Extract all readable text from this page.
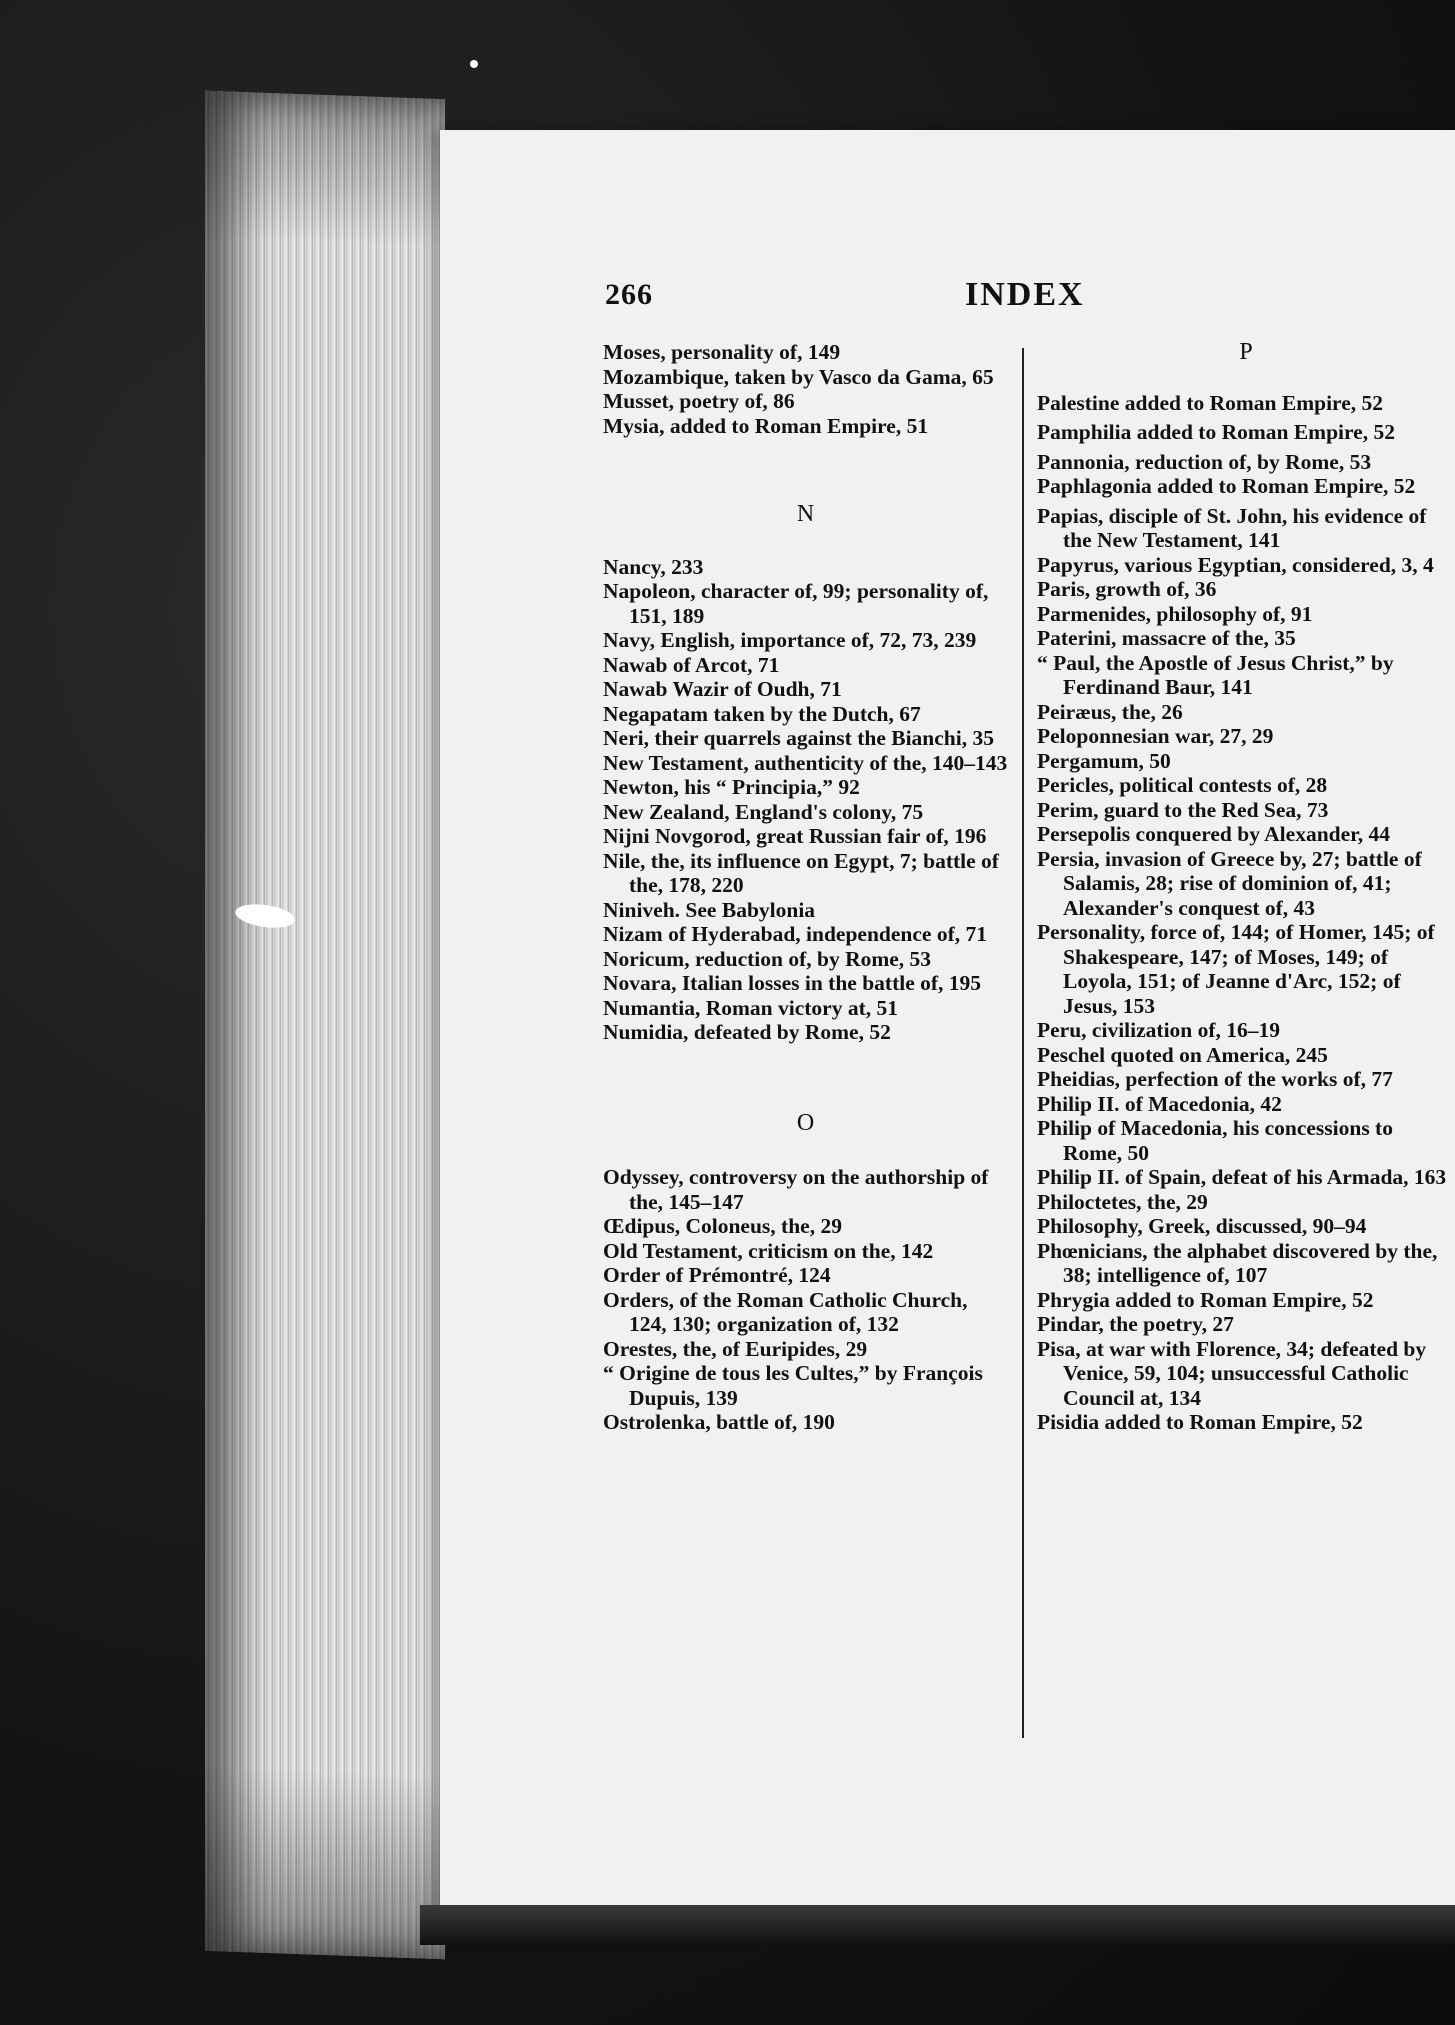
266	INDEX

Moses, personality of, 149

Mozambique, taken by Vasco da Gama, 65

Musset, poetry of, 86

Mysia, added to Roman Empire, 51

N

Nancy, 233

Napoleon, character of, 99; personality of, 151, 189

Navy, English, importance of, 72, 73, 239

Nawab of Arcot, 71

Nawab Wazir of Oudh, 71

Negapatam taken by the Dutch, 67

Neri, their quarrels against the Bianchi, 35

New Testament, authenticity of the, 140–143

Newton, his “ Principia,” 92

New Zealand, England's colony, 75

Nijni Novgorod, great Russian fair of, 196

Nile, the, its influence on Egypt, 7; battle of the, 178, 220

Niniveh. See Babylonia

Nizam of Hyderabad, independence of, 71

Noricum, reduction of, by Rome, 53

Novara, Italian losses in the battle of, 195

Numantia, Roman victory at, 51

Numidia, defeated by Rome, 52

O

Odyssey, controversy on the authorship of the, 145–147

Œdipus, Coloneus, the, 29

Old Testament, criticism on the, 142

Order of Prémontré, 124

Orders, of the Roman Catholic Church, 124, 130; organization of, 132

Orestes, the, of Euripides, 29

“ Origine de tous les Cultes,” by François Dupuis, 139

Ostrolenka, battle of, 190

P

Palestine added to Roman Empire, 52

Pamphilia added to Roman Empire, 52

Pannonia, reduction of, by Rome, 53

Paphlagonia added to Roman Empire, 52

Papias, disciple of St. John, his evidence of the New Testament, 141

Papyrus, various Egyptian, considered, 3, 4

Paris, growth of, 36

Parmenides, philosophy of, 91

Paterini, massacre of the, 35

“ Paul, the Apostle of Jesus Christ,” by Ferdinand Baur, 141

Peiræus, the, 26

Peloponnesian war, 27, 29

Pergamum, 50

Pericles, political contests of, 28

Perim, guard to the Red Sea, 73

Persepolis conquered by Alexander, 44

Persia, invasion of Greece by, 27; battle of Salamis, 28; rise of dominion of, 41; Alexander's conquest of, 43

Personality, force of, 144; of Homer, 145; of Shakespeare, 147; of Moses, 149; of Loyola, 151; of Jeanne d'Arc, 152; of Jesus, 153

Peru, civilization of, 16–19

Peschel quoted on America, 245

Pheidias, perfection of the works of, 77

Philip II. of Macedonia, 42

Philip of Macedonia, his concessions to Rome, 50

Philip II. of Spain, defeat of his Armada, 163

Philoctetes, the, 29

Philosophy, Greek, discussed, 90–94

Phœnicians, the alphabet discovered by the, 38; intelligence of, 107

Phrygia added to Roman Empire, 52

Pindar, the poetry, 27

Pisa, at war with Florence, 34; defeated by Venice, 59, 104; unsuccessful Catholic Council at, 134

Pisidia added to Roman Empire, 52
